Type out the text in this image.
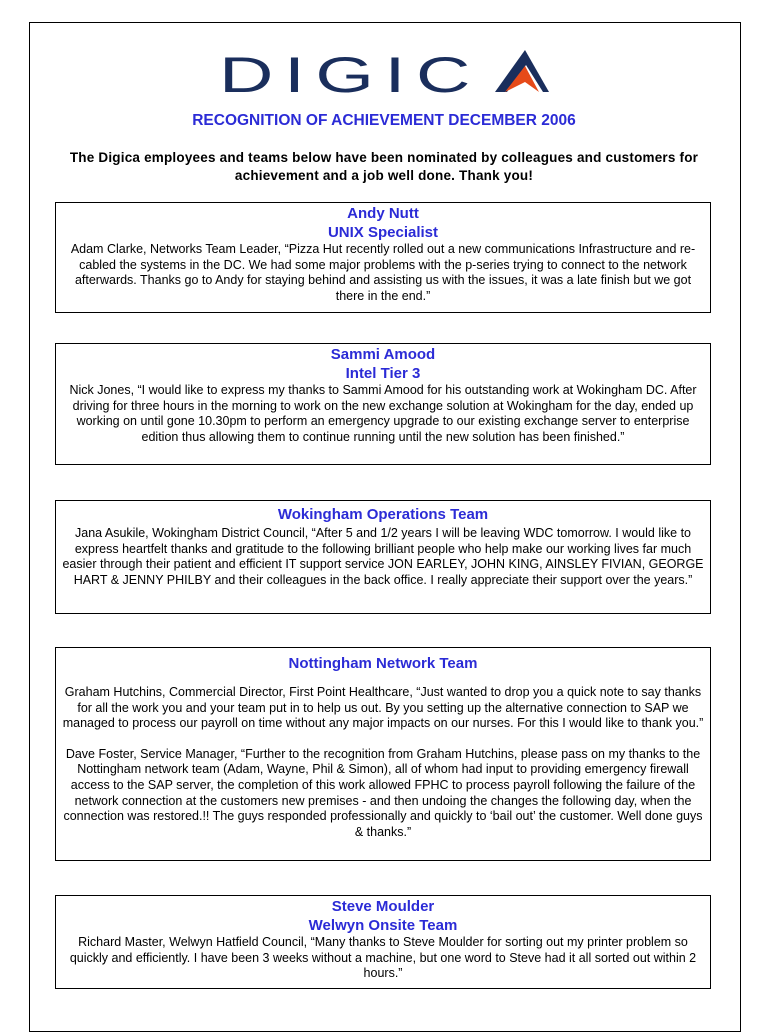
DIGIC
RECOGNITION OF ACHIEVEMENT DECEMBER 2006
The Digica employees and teams below have been nominated by colleagues and customers for achievement and a job well done. Thank you!
Andy Nutt
UNIX Specialist

Adam Clarke, Networks Team Leader, “Pizza Hut recently rolled out a new communications Infrastructure and re-cabled the systems in the DC. We had some major problems with the p-series trying to connect to the network afterwards. Thanks go to Andy for staying behind and assisting us with the issues, it was a late finish but we got there in the end.”

Sammi Amood
Intel Tier 3

Nick Jones, “I would like to express my thanks to Sammi Amood for his outstanding work at Wokingham DC. After driving for three hours in the morning to work on the new exchange solution at Wokingham for the day, ended up working on until gone 10.30pm to perform an emergency upgrade to our existing exchange server to enterprise edition thus allowing them to continue running until the new solution has been finished.”

Wokingham Operations Team

Jana Asukile, Wokingham District Council, “After 5 and 1/2 years I will be leaving WDC tomorrow. I would like to express heartfelt thanks and gratitude to the following brilliant people who help make our working lives far much easier through their patient and efficient IT support service JON EARLEY, JOHN KING, AINSLEY FIVIAN, GEORGE HART & JENNY PHILBY and their colleagues in the back office. I really appreciate their support over the years.”

Nottingham Network Team

Graham Hutchins, Commercial Director, First Point Healthcare, “Just wanted to drop you a quick note to say thanks for all the work you and your team put in to help us out. By you setting up the alternative connection to SAP we managed to process our payroll on time without any major impacts on our nurses. For this I would like to thank you.”

Dave Foster, Service Manager, “Further to the recognition from Graham Hutchins, please pass on my thanks to the Nottingham network team (Adam, Wayne, Phil & Simon), all of whom had input to providing emergency firewall access to the SAP server, the completion of this work allowed FPHC to process payroll following the failure of the network connection at the customers new premises - and then undoing the changes the following day, when the connection was restored.!! The guys responded professionally and quickly to ‘bail out’ the customer. Well done guys & thanks.”

Steve Moulder
Welwyn Onsite Team

Richard Master, Welwyn Hatfield Council, “Many thanks to Steve Moulder for sorting out my printer problem so quickly and efficiently. I have been 3 weeks without a machine, but one word to Steve had it all sorted out within 2 hours.”
